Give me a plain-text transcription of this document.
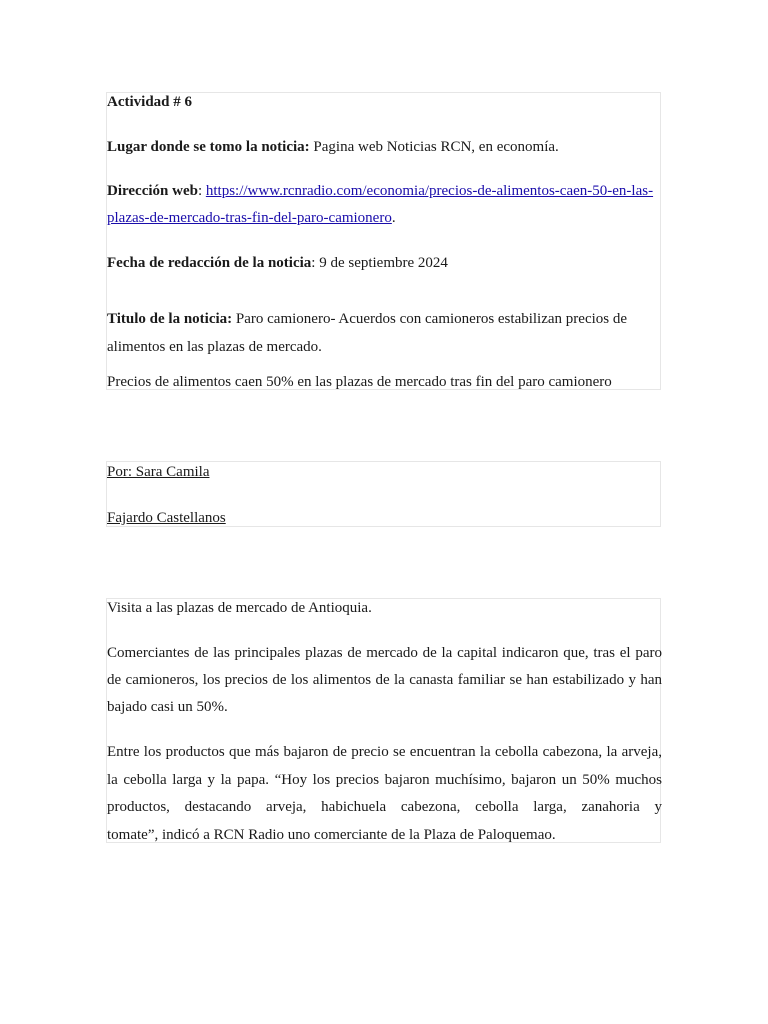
Actividad # 6
Lugar donde se tomo la noticia: Pagina web Noticias RCN, en economía.
Dirección web: https://www.rcnradio.com/economia/precios-de-alimentos-caen-50-en-las-
plazas-de-mercado-tras-fin-del-paro-camionero.
Fecha de redacción de la noticia: 9 de septiembre 2024
Titulo de la noticia: Paro camionero- Acuerdos con camioneros estabilizan precios de
alimentos en las plazas de mercado.
Precios de alimentos caen 50% en las plazas de mercado tras fin del paro camionero
Por: Sara Camila
Fajardo Castellanos
Visita a las plazas de mercado de Antioquia.
Comerciantes de las principales plazas de mercado de la capital indicaron que, tras el paro
de camioneros, los precios de los alimentos de la canasta familiar se han estabilizado y han
bajado casi un 50%.
Entre los productos que más bajaron de precio se encuentran la cebolla cabezona, la arveja,
la cebolla larga y la papa. “Hoy los precios bajaron muchísimo, bajaron un 50% muchos
productos, destacando arveja, habichuela cabezona, cebolla larga, zanahoria y
tomate”, indicó a RCN Radio uno comerciante de la Plaza de Paloquemao.
